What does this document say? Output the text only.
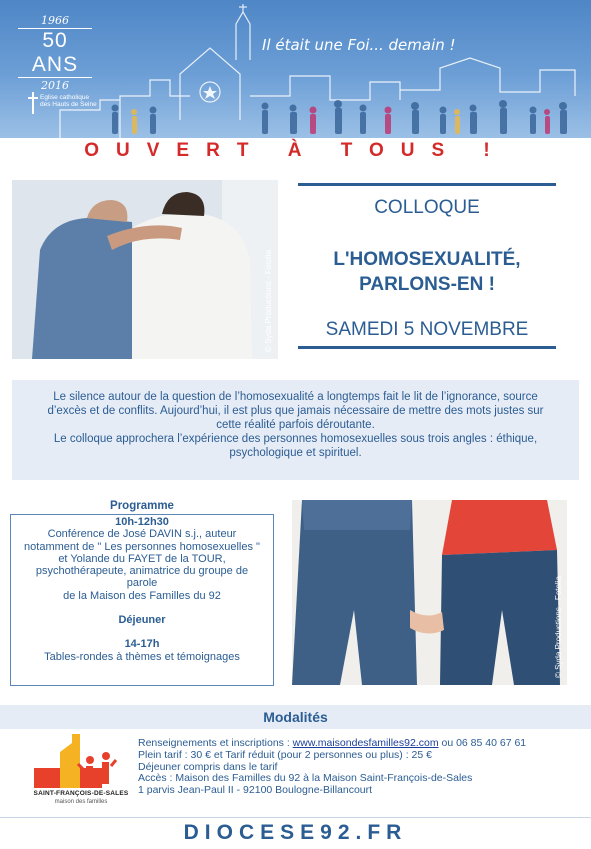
1966
50 ANS
2016
Eglise catholique des Hauts de Seine
Il était une Foi... demain !
OUVERT À TOUS !
© Syda Productions - Fotolia
COLLOQUE
L'HOMOSEXUALITÉ,
PARLONS-EN !
SAMEDI 5 NOVEMBRE

Le silence autour de la question de l’homosexualité a longtemps fait le lit de l’ignorance, source d’excès et de conflits. Aujourd’hui, il est plus que jamais nécessaire de mettre des mots justes sur cette réalité parfois déroutante.

Le colloque approchera l’expérience des personnes homosexuelles sous trois angles : éthique, psychologique et spirituel.

Programme
10h-12h30
Conférence de José DAVIN s.j., auteur
notamment de " Les personnes homosexuelles "
et Yolande du FAYET de la TOUR,
psychothérapeute, animatrice du groupe de
parole
de la Maison des Familles du 92
Déjeuner
14-17h
Tables-rondes à thèmes et témoignages	© Syda Productions - Fotolia
Modalités
SAINT-FRANÇOIS-DE-SALES
maison des familles
Renseignements et inscriptions : www.maisondesfamilles92.com ou 06 85 40 67 61
Plein tarif : 30 € et Tarif réduit (pour 2 personnes ou plus) : 25 €
Déjeuner compris dans le tarif
Accès : Maison des Familles du 92 à la Maison Saint-François-de-Sales
1 parvis Jean-Paul II - 92100 Boulogne-Billancourt
DIOCESE92.FR
